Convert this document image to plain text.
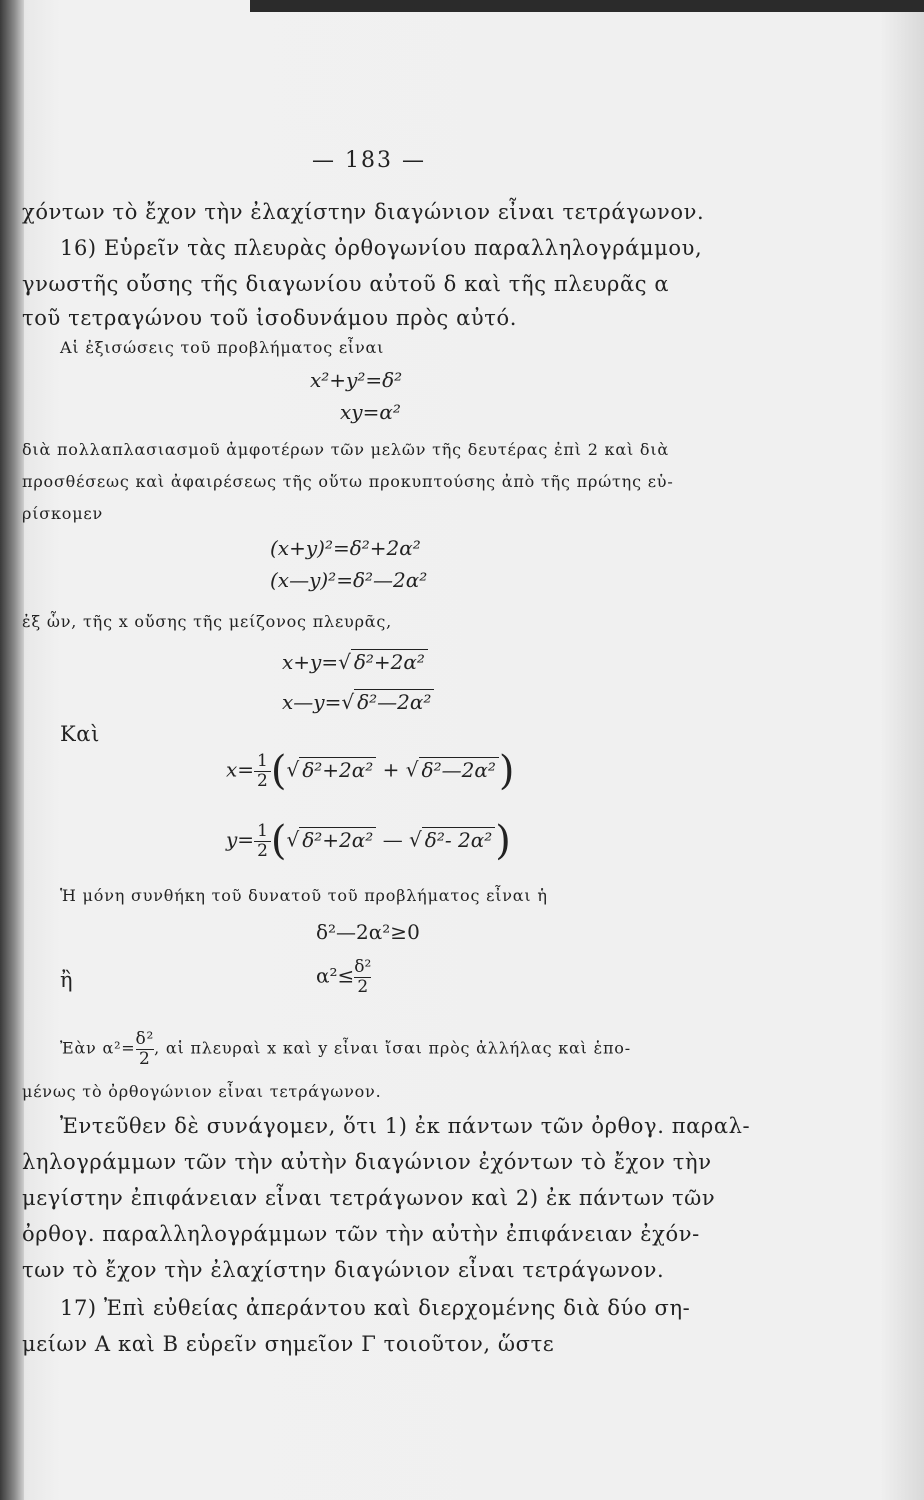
— 183 —
χόντων τὸ ἔχον τὴν ἐλαχίστην διαγώνιον εἶναι τετράγωνον.
16) Εὑρεῖν τὰς πλευρὰς ὀρθογωνίου παραλληλογράμμου,
γνωστῆς οὔσης τῆς διαγωνίου αὐτοῦ δ καὶ τῆς πλευρᾶς α
τοῦ τετραγώνου τοῦ ἰσοδυνάμου πρὸς αὐτό.
Αἱ ἐξισώσεις τοῦ προβλήματος εἶναι
x²+y²=δ²
xy=α²
διὰ πολλαπλασιασμοῦ ἀμφοτέρων τῶν μελῶν τῆς δευτέρας ἐπὶ 2 καὶ διὰ
προσθέσεως καὶ ἀφαιρέσεως τῆς οὕτω προκυπτούσης ἀπὸ τῆς πρώτης εὑ-
ρίσκομεν
(x+y)²=δ²+2α²
(x—y)²=δ²—2α²
ἐξ ὧν, τῆς x οὔσης τῆς μείζονος πλευρᾶς,
x+y=√ δ²+2α²
x—y=√ δ²—2α²
Καὶ
$x= \frac{1}{2}$ (√ δ²+2α² + √ δ²—2α²)
$y= \frac{1}{2}$ (√ δ²+2α² — √ δ²- 2α²)
Ἡ μόνη συνθήκη τοῦ δυνατοῦ τοῦ προβλήματος εἶναι ἡ
δ²—2α²≥0
ἢ	$\alpha^2\le \frac{\text{δ²}}{2}$
Ἐὰν $\alpha^2= \frac{\text{δ²}}{2}$ , αἱ πλευραὶ x καὶ y εἶναι ἴσαι πρὸς ἀλλήλας καὶ ἑπο-
μένως τὸ ὀρθογώνιον εἶναι τετράγωνον.
Ἐντεῦθεν δὲ συνάγομεν, ὅτι 1) ἐκ πάντων τῶν ὀρθογ. παραλ-
ληλογράμμων τῶν τὴν αὐτὴν διαγώνιον ἐχόντων τὸ ἔχον τὴν
μεγίστην ἐπιφάνειαν εἶναι τετράγωνον καὶ 2) ἐκ πάντων τῶν
ὀρθογ. παραλληλογράμμων τῶν τὴν αὐτὴν ἐπιφάνειαν ἐχόν-
των τὸ ἔχον τὴν ἐλαχίστην διαγώνιον εἶναι τετράγωνον.
17) Ἐπὶ εὐθείας ἀπεράντου καὶ διερχομένης διὰ δύο ση-
μείων Α καὶ Β εὑρεῖν σημεῖον Γ τοιοῦτον, ὥστε
